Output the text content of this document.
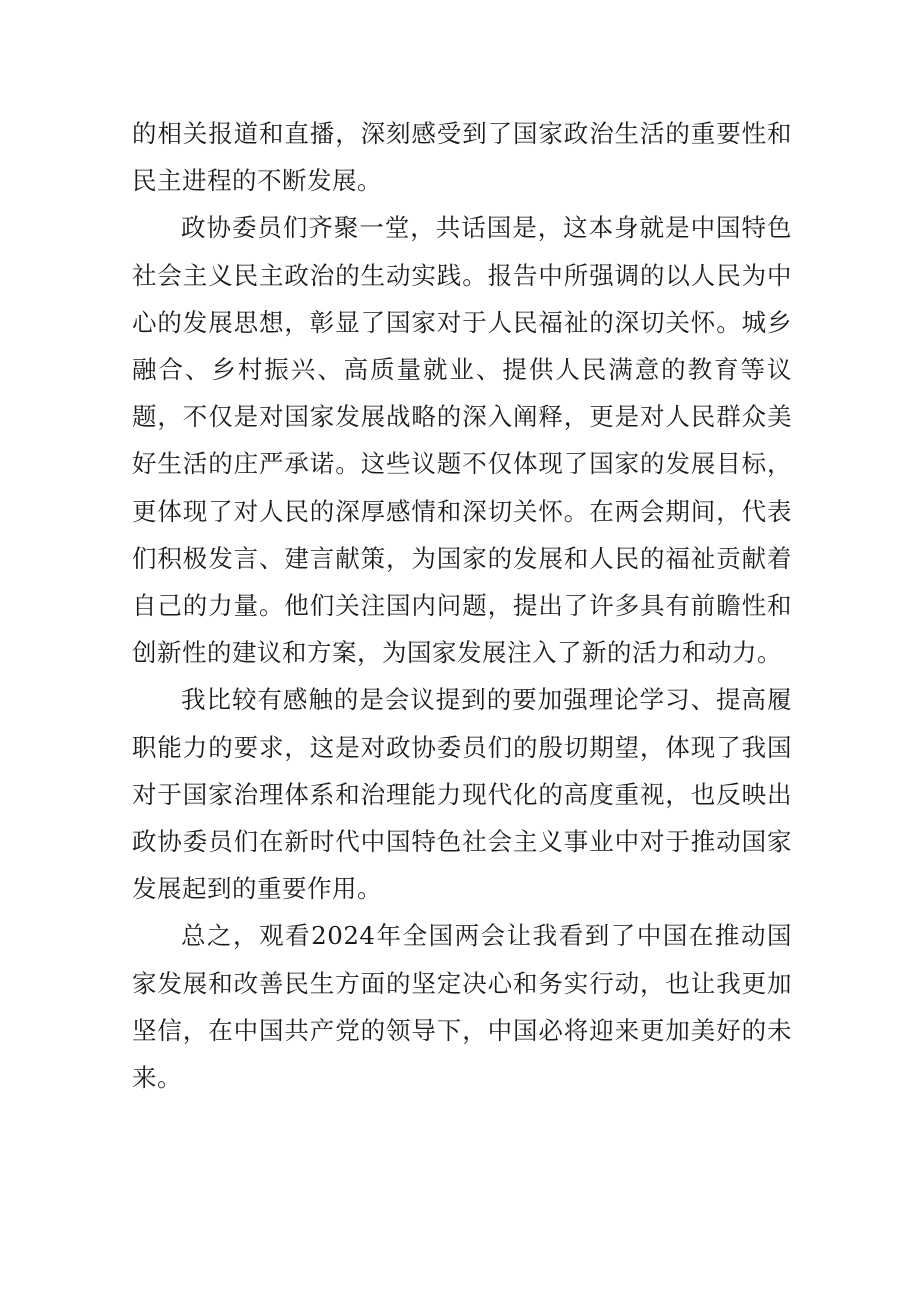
的相关报道和直播，深刻感受到了国家政治生活的重要性和民主进程的不断发展。

政协委员们齐聚一堂，共话国是，这本身就是中国特色社会主义民主政治的生动实践。报告中所强调的以人民为中心的发展思想，彰显了国家对于人民福祉的深切关怀。城乡融合、乡村振兴、高质量就业、提供人民满意的教育等议题，不仅是对国家发展战略的深入阐释，更是对人民群众美好生活的庄严承诺。这些议题不仅体现了国家的发展目标，更体现了对人民的深厚感情和深切关怀。在两会期间，代表们积极发言、建言献策，为国家的发展和人民的福祉贡献着自己的力量。他们关注国内问题，提出了许多具有前瞻性和创新性的建议和方案，为国家发展注入了新的活力和动力。

我比较有感触的是会议提到的要加强理论学习、提高履职能力的要求，这是对政协委员们的殷切期望，体现了我国对于国家治理体系和治理能力现代化的高度重视，也反映出政协委员们在新时代中国特色社会主义事业中对于推动国家发展起到的重要作用。

总之，观看2024年全国两会让我看到了中国在推动国家发展和改善民生方面的坚定决心和务实行动，也让我更加坚信，在中国共产党的领导下，中国必将迎来更加美好的未来。
